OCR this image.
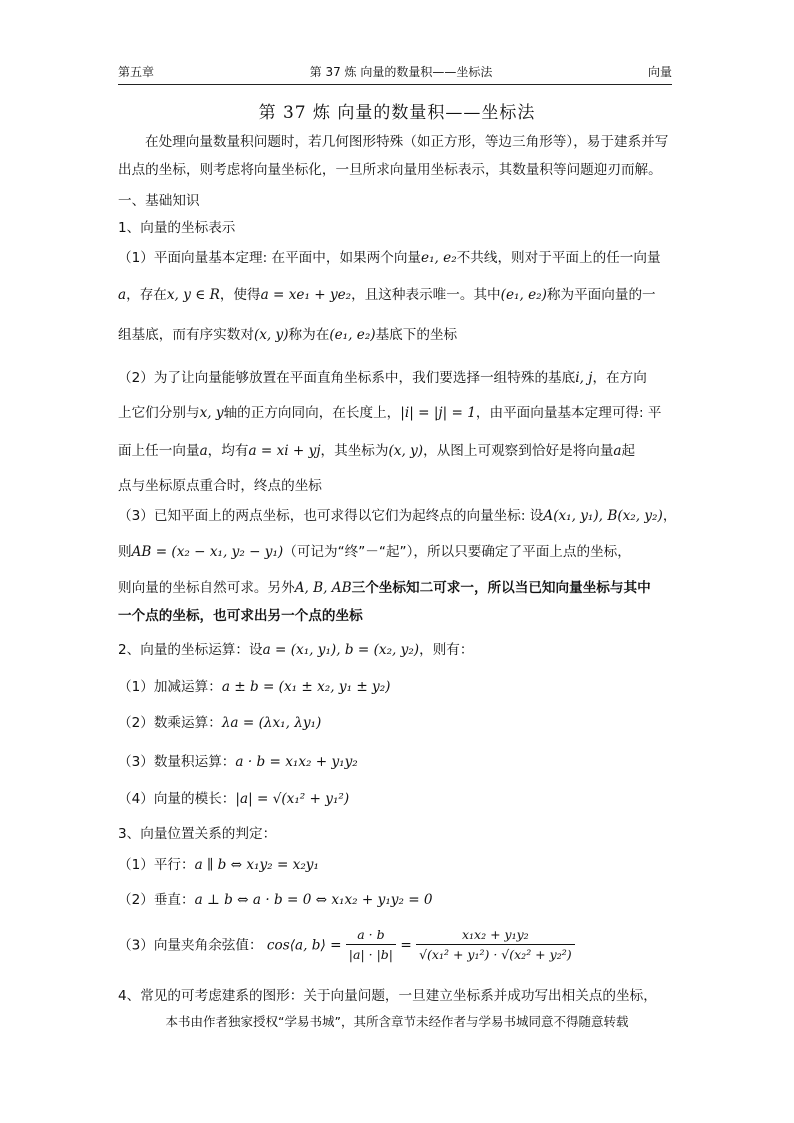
第五章	第 37 炼 向量的数量积——坐标法	向量
第 37 炼 向量的数量积——坐标法
在处理向量数量积问题时，若几何图形特殊（如正方形，等边三角形等），易于建系并写出点的坐标，则考虑将向量坐标化，一旦所求向量用坐标表示，其数量积等问题迎刃而解。
一、基础知识
1、向量的坐标表示
（1）平面向量基本定理: 在平面中，如果两个向量e₁, e₂不共线，则对于平面上的任一向量
a，存在x, y ∈ R，使得a = xe₁ + ye₂，且这种表示唯一。其中(e₁, e₂)称为平面向量的一
组基底，而有序实数对(x, y)称为在(e₁, e₂)基底下的坐标
（2）为了让向量能够放置在平面直角坐标系中，我们要选择一组特殊的基底i, j，在方向
上它们分别与x, y轴的正方向同向，在长度上，|i| = |j| = 1，由平面向量基本定理可得: 平
面上任一向量a，均有a = xi + yj，其坐标为(x, y)，从图上可观察到恰好是将向量a起
点与坐标原点重合时，终点的坐标
（3）已知平面上的两点坐标，也可求得以它们为起终点的向量坐标: 设A(x₁, y₁), B(x₂, y₂)，
则AB = (x₂ − x₁, y₂ − y₁)（可记为“终”－“起”），所以只要确定了平面上点的坐标，
则向量的坐标自然可求。另外A, B, AB三个坐标知二可求一，所以当已知向量坐标与其中
一个点的坐标，也可求出另一个点的坐标
2、向量的坐标运算：设a = (x₁, y₁), b = (x₂, y₂)，则有：
（1）加减运算：a ± b = (x₁ ± x₂, y₁ ± y₂)
（2）数乘运算：λa = (λx₁, λy₁)
（3）数量积运算：a · b = x₁x₂ + y₁y₂
（4）向量的模长：|a| = √(x₁² + y₁²)
3、向量位置关系的判定：
（1）平行：a ∥ b ⇔ x₁y₂ = x₂y₁
（2）垂直：a ⊥ b ⇔ a · b = 0 ⇔ x₁x₂ + y₁y₂ = 0
（3）向量夹角余弦值： cos⟨a, b⟩ = $\frac{a \cdot b}{|a| \cdot |b|} = \frac{\text{x₁x₂ + y₁y₂}}{\text{√(x₁² + y₁²) · √(x₂² + y₂²)}}$
4、常见的可考虑建系的图形：关于向量问题，一旦建立坐标系并成功写出相关点的坐标，
本书由作者独家授权“学易书城”，其所含章节未经作者与学易书城同意不得随意转载
